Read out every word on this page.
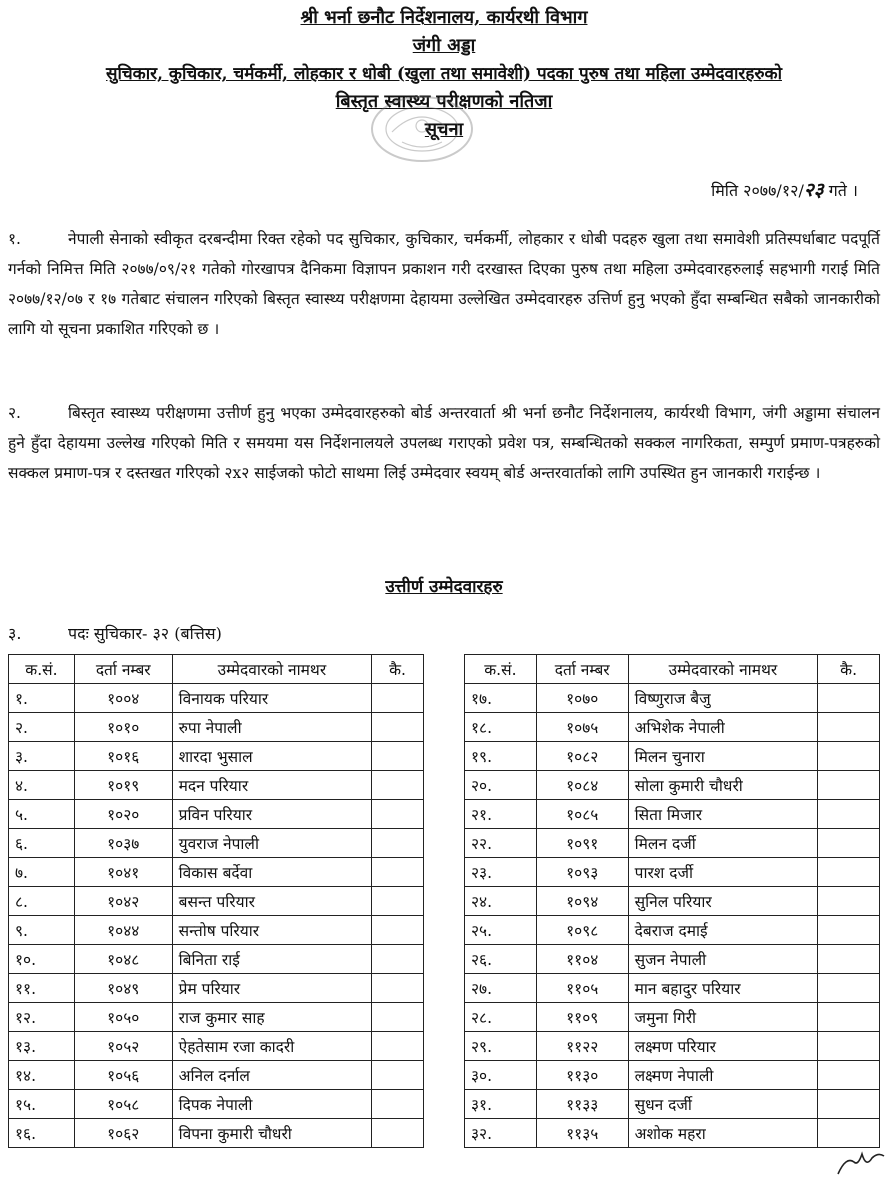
श्री भर्ना छनौट निर्देशनालय, कार्यरथी विभाग
जंगी अड्डा
सुचिकार, कुचिकार, चर्मकर्मी, लोहकार र धोबी (खुला तथा समावेशी) पदका पुरुष तथा महिला उम्मेदवारहरुको
बिस्तृत स्वास्थ्य परीक्षणको नतिजा
सूचना
मिति २०७७/१२/२३ गते ।
१.	नेपाली सेनाको स्वीकृत दरबन्दीमा रिक्त रहेको पद सुचिकार, कुचिकार, चर्मकर्मी, लोहकार र धोबी पदहरु खुला तथा समावेशी प्रतिस्पर्धाबाट पदपूर्ति गर्नको निमित्त मिति २०७७/०९/२१ गतेको गोरखापत्र दैनिकमा विज्ञापन प्रकाशन गरी दरखास्त दिएका पुरुष तथा महिला उम्मेदवारहरुलाई सहभागी गराई मिति २०७७/१२/०७ र १७ गतेबाट संचालन गरिएको बिस्तृत स्वास्थ्य परीक्षणमा देहायमा उल्लेखित उम्मेदवारहरु उत्तिर्ण हुनु भएको हुँदा सम्बन्धित सबैको जानकारीको लागि यो सूचना प्रकाशित गरिएको छ ।
२.	बिस्तृत स्वास्थ्य परीक्षणमा उत्तीर्ण हुनु भएका उम्मेदवारहरुको बोर्ड अन्तरवार्ता श्री भर्ना छनौट निर्देशनालय, कार्यरथी विभाग, जंगी अड्डामा संचालन हुने हुँदा देहायमा उल्लेख गरिएको मिति र समयमा यस निर्देशनालयले उपलब्ध गराएको प्रवेश पत्र, सम्बन्धितको सक्कल नागरिकता, सम्पुर्ण प्रमाण-पत्रहरुको सक्कल प्रमाण-पत्र र दस्तखत गरिएको २x२ साईजको फोटो साथमा लिई उम्मेदवार स्वयम् बोर्ड अन्तरवार्ताको लागि उपस्थित हुन जानकारी गराईन्छ ।
उत्तीर्ण उम्मेदवारहरु
३.	पदः सुचिकार- ३२ (बत्तिस)
क.सं.	दर्ता नम्बर	उम्मेदवारको नामथर	कै.
१.	१००४	विनायक परियार	
२.	१०१०	रुपा नेपाली	
३.	१०१६	शारदा भुसाल	
४.	१०१९	मदन परियार	
५.	१०२०	प्रविन परियार	
६.	१०३७	युवराज नेपाली	
७.	१०४१	विकास बर्देवा	
८.	१०४२	बसन्त परियार	
९.	१०४४	सन्तोष परियार	
१०.	१०४८	बिनिता राई	
११.	१०४९	प्रेम परियार	
१२.	१०५०	राज कुमार साह	
१३.	१०५२	ऐहतेसाम रजा कादरी	
१४.	१०५६	अनिल दर्नाल	
१५.	१०५८	दिपक नेपाली	
१६.	१०६२	विपना कुमारी चौधरी	
क.सं.	दर्ता नम्बर	उम्मेदवारको नामथर	कै.
१७.	१०७०	विष्णुराज बैजु	
१८.	१०७५	अभिशेक नेपाली	
१९.	१०८२	मिलन चुनारा	
२०.	१०८४	सोला कुमारी चौधरी	
२१.	१०८५	सिता मिजार	
२२.	१०९१	मिलन दर्जी	
२३.	१०९३	पारश दर्जी	
२४.	१०९४	सुनिल परियार	
२५.	१०९८	देबराज दमाई	
२६.	११०४	सुजन नेपाली	
२७.	११०५	मान बहादुर परियार	
२८.	११०९	जमुना गिरी	
२९.	११२२	लक्ष्मण परियार	
३०.	११३०	लक्ष्मण नेपाली	
३१.	११३३	सुधन दर्जी	
३२.	११३५	अशोक महरा	
